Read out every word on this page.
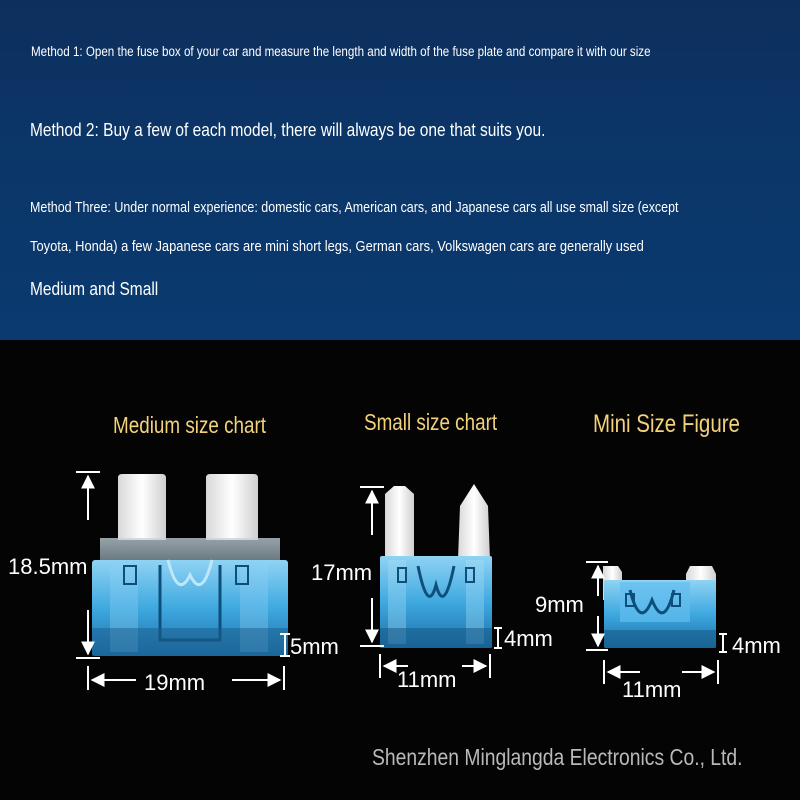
Method 1: Open the fuse box of your car and measure the length and width of the fuse plate and compare it with our size
Method 2: Buy a few of each model, there will always be one that suits you.
Method Three: Under normal experience: domestic cars, American cars, and Japanese cars all use small size (except
Toyota, Honda) a few Japanese cars are mini short legs, German cars, Volkswagen cars are generally used
Medium and Small
Medium size chart	Small size chart	Mini Size Figure
18.5mm
19mm
5mm
17mm
11mm
4mm
9mm
11mm
4mm
Shenzhen Minglangda Electronics Co., Ltd.
